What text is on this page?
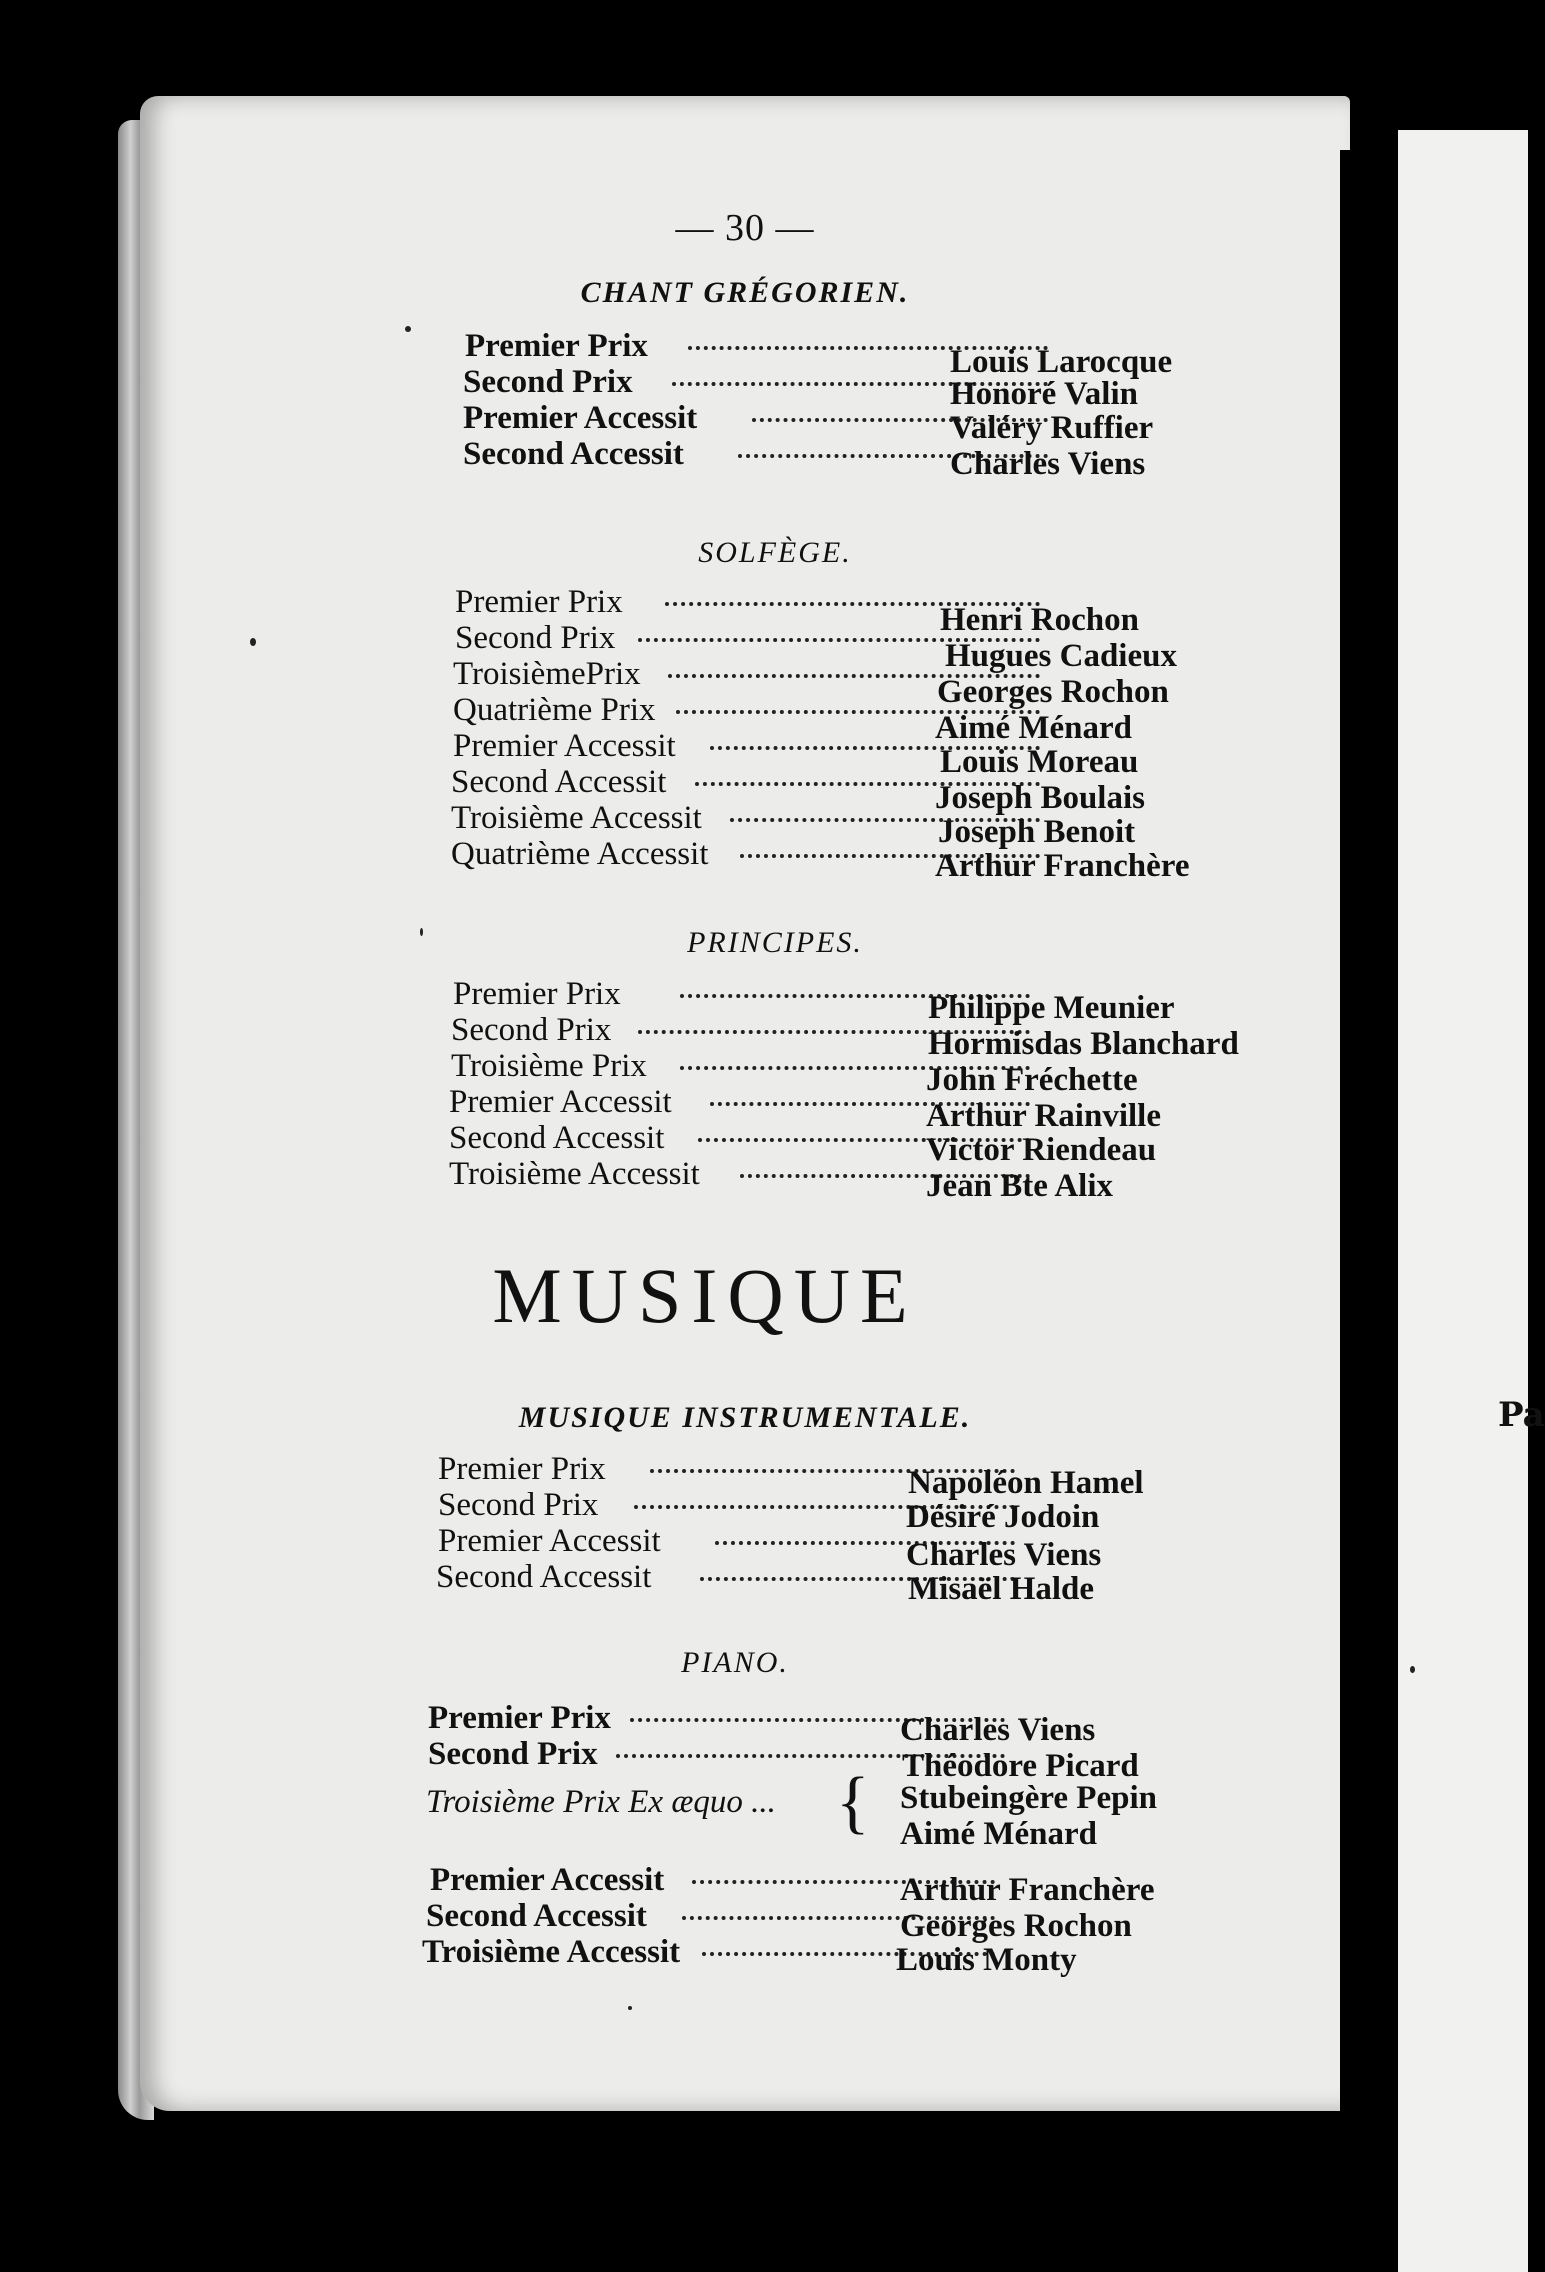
Pa
— 30 —
CHANT GRÉGORIEN.
Premier Prix	Louis Larocque
Second Prix	Honoré Valin
Premier Accessit	Valéry Ruffier
Second Accessit	Charles Viens
SOLFÈGE.
Premier Prix	Henri Rochon
Second Prix	Hugues Cadieux
TroisièmePrix	Georges Rochon
Quatrième Prix	Aimé Ménard
Premier Accessit	Louis Moreau
Second Accessit	Joseph Boulais
Troisième Accessit	Joseph Benoit
Quatrième Accessit	Arthur Franchère
PRINCIPES.
Premier Prix	Philippe Meunier
Second Prix	Hormisdas Blanchard
Troisième Prix	John Fréchette
Premier Accessit	Arthur Rainville
Second Accessit	Victor Riendeau
Troisième Accessit	Jean Bte Alix
MUSIQUE
MUSIQUE INSTRUMENTALE.
Premier Prix	Napoléon Hamel
Second Prix	Désiré Jodoin
Premier Accessit	Charles Viens
Second Accessit	Misaël Halde
PIANO.
Premier Prix	Charles Viens
Second Prix	Théodore Picard
Troisième Prix Ex æquo ... { Stubeingère Pepin
Aimé Ménard
Premier Accessit	Arthur Franchère
Second Accessit	Georges Rochon
Troisième Accessit	Louis Monty
